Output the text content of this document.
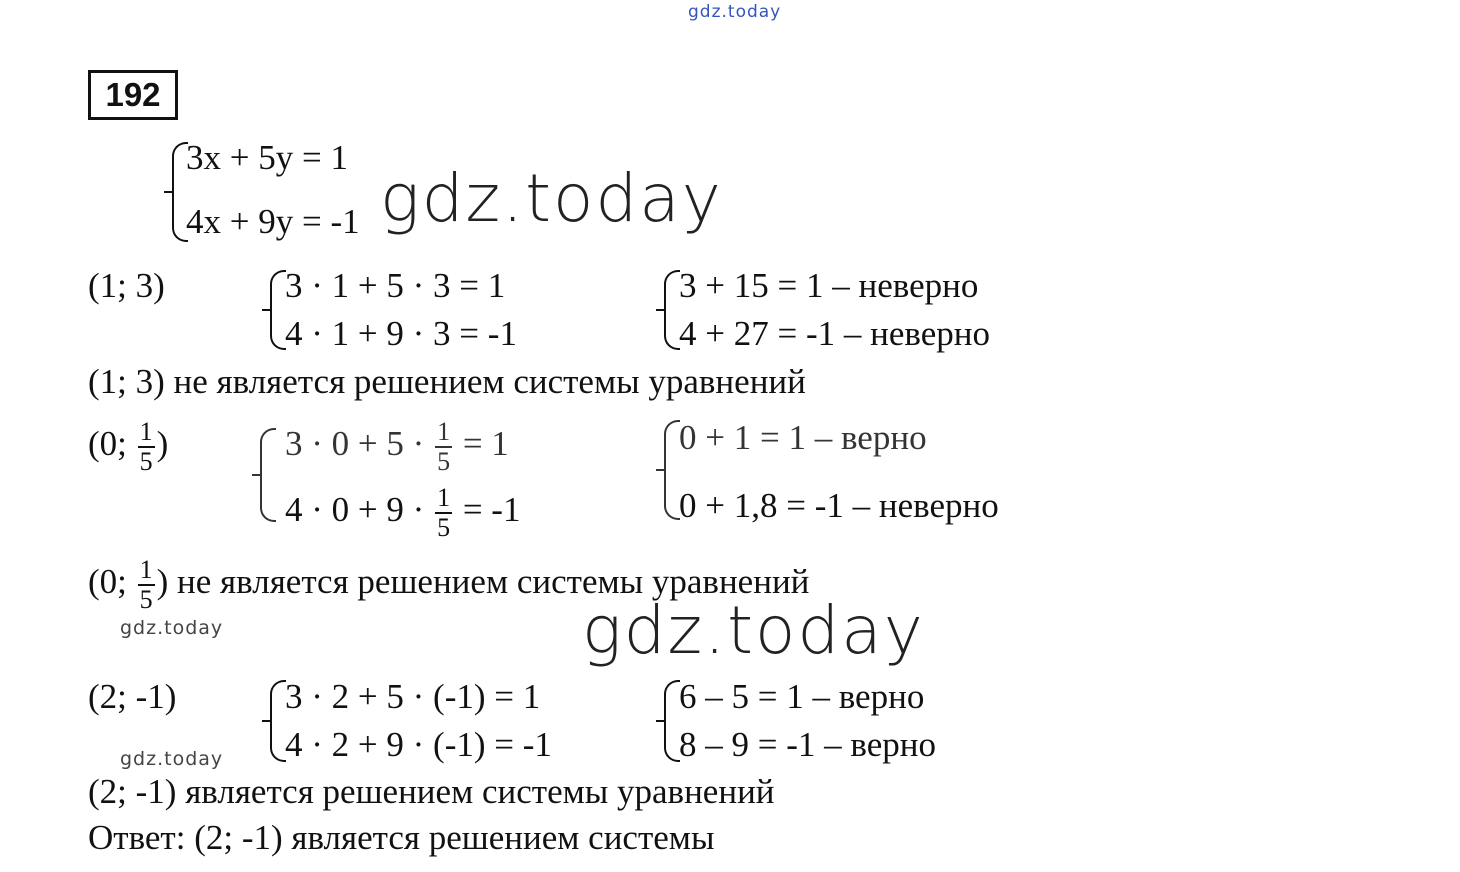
gdz.today
gdz.today
gdz.today
gdz.today
gdz.today
192
3x + 5y = 1
4x + 9y = -1
(1; 3)	3 · 1 + 5 · 3 = 1
4 · 1 + 9 · 3 = -1
3 + 15 = 1 – неверно
4 + 27 = -1 – неверно
(1; 3) не является решением системы уравнений
(0; $\frac{1}{5}$ )	$3 \cdot 0 + 5 \cdot \frac{1}{5} = 1$
$4 \cdot 0 + 9 \cdot \frac{1}{5} = -1$
0 + 1 = 1 – верно
0 + 1,8 = -1 – неверно
(0; $\frac{1}{5}$ ) не является решением системы уравнений
(2; -1)	3 · 2 + 5 · (-1) = 1
4 · 2 + 9 · (-1) = -1
6 – 5 = 1 – верно
8 – 9 = -1 – верно
(2; -1) является решением системы уравнений
Ответ: (2; -1) является решением системы
